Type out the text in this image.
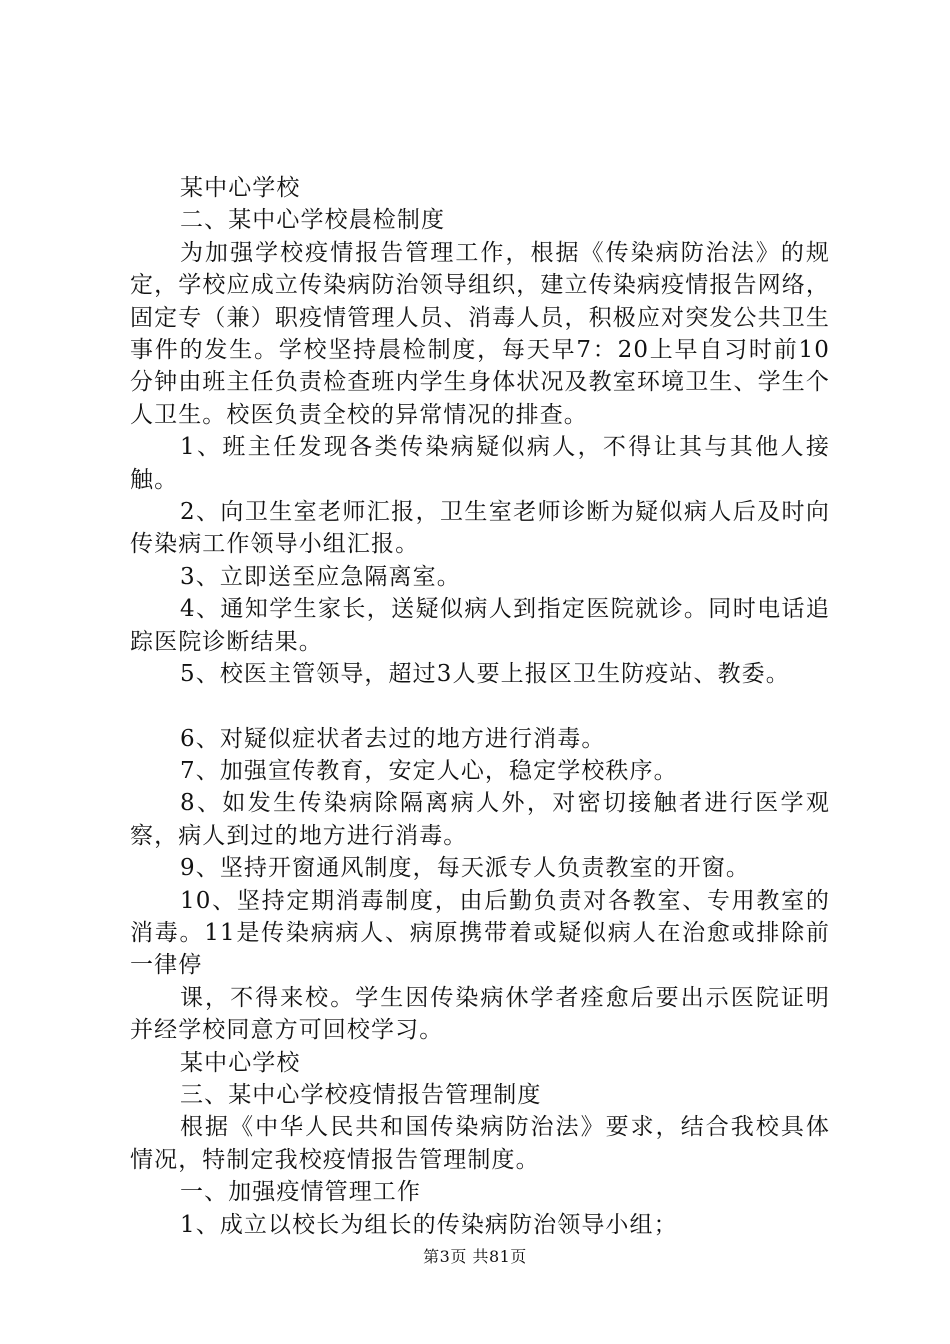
某中心学校

二、某中心学校晨检制度

为加强学校疫情报告管理工作，根据《传染病防治法》的规定，学校应成立传染病防治领导组织，建立传染病疫情报告网络，固定专（兼）职疫情管理人员、消毒人员，积极应对突发公共卫生事件的发生。学校坚持晨检制度，每天早7：20上早自习时前10分钟由班主任负责检查班内学生身体状况及教室环境卫生、学生个人卫生。校医负责全校的异常情况的排查。

1、班主任发现各类传染病疑似病人，不得让其与其他人接触。

2、向卫生室老师汇报，卫生室老师诊断为疑似病人后及时向传染病工作领导小组汇报。

3、立即送至应急隔离室。

4、通知学生家长，送疑似病人到指定医院就诊。同时电话追踪医院诊断结果。

5、校医主管领导，超过3人要上报区卫生防疫站、教委。

6、对疑似症状者去过的地方进行消毒。

7、加强宣传教育，安定人心，稳定学校秩序。

8、如发生传染病除隔离病人外，对密切接触者进行医学观察，病人到过的地方进行消毒。

9、坚持开窗通风制度，每天派专人负责教室的开窗。

10、坚持定期消毒制度，由后勤负责对各教室、专用教室的消毒。11是传染病病人、病原携带着或疑似病人在治愈或排除前一律停

课，不得来校。学生因传染病休学者痊愈后要出示医院证明并经学校同意方可回校学习。

某中心学校

三、某中心学校疫情报告管理制度

根据《中华人民共和国传染病防治法》要求，结合我校具体情况，特制定我校疫情报告管理制度。

一、加强疫情管理工作

1、成立以校长为组长的传染病防治领导小组；

第3页 共81页
